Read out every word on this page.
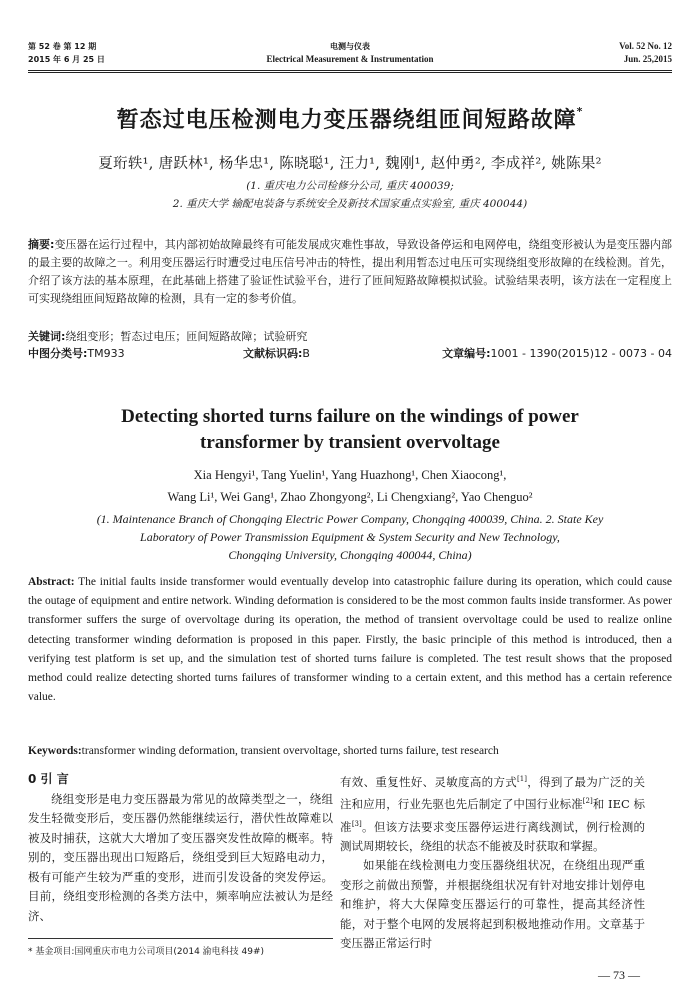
第 52 卷 第 12 期
2015 年 6 月 25 日
电测与仪表
Electrical Measurement & Instrumentation
Vol. 52 No. 12
Jun. 25,2015
暂态过电压检测电力变压器绕组匝间短路故障*
夏珩轶¹, 唐跃林¹, 杨华忠¹, 陈晓聪¹, 汪力¹, 魏刚¹, 赵仲勇², 李成祥², 姚陈果²
(1. 重庆电力公司检修分公司, 重庆 400039;
2. 重庆大学 输配电装备与系统安全及新技术国家重点实验室, 重庆 400044)
摘要:变压器在运行过程中，其内部初始故障最终有可能发展成灾难性事故，导致设备停运和电网停电，绕组变形被认为是变压器内部的最主要的故障之一。利用变压器运行时遭受过电压信号冲击的特性，提出利用暂态过电压可实现绕组变形故障的在线检测。首先，介绍了该方法的基本原理，在此基础上搭建了验证性试验平台，进行了匝间短路故障模拟试验。试验结果表明，该方法在一定程度上可实现绕组匝间短路故障的检测，具有一定的参考价值。
关键词:绕组变形；暂态过电压；匝间短路故障；试验研究
中图分类号:TM933	文献标识码:B	文章编号:1001 - 1390(2015)12 - 0073 - 04
Detecting shorted turns failure on the windings of power
transformer by transient overvoltage
Xia Hengyi¹, Tang Yuelin¹, Yang Huazhong¹, Chen Xiaocong¹,
Wang Li¹, Wei Gang¹, Zhao Zhongyong², Li Chengxiang², Yao Chenguo²
(1. Maintenance Branch of Chongqing Electric Power Company, Chongqing 400039, China. 2. State Key
Laboratory of Power Transmission Equipment & System Security and New Technology,
Chongqing University, Chongqing 400044, China)
Abstract: The initial faults inside transformer would eventually develop into catastrophic failure during its operation, which could cause the outage of equipment and entire network. Winding deformation is considered to be the most common faults inside transformer. As power transformer suffers the surge of overvoltage during its operation, the method of transient overvoltage could be used to realize online detecting transformer winding deformation is proposed in this paper. Firstly, the basic principle of this method is introduced, then a verifying test platform is set up, and the simulation test of shorted turns failure is completed. The test result shows that the proposed method could realize detecting shorted turns failures of transformer winding to a certain extent, and this method has a certain reference value.
Keywords:transformer winding deformation, transient overvoltage, shorted turns failure, test research
0 引 言
绕组变形是电力变压器最为常见的故障类型之一，绕组发生轻微变形后，变压器仍然能继续运行，潜伏性故障难以被及时捕获，这就大大增加了变压器突发性故障的概率。特别的，变压器出现出口短路后，绕组受到巨大短路电动力，极有可能产生较为严重的变形，进而引发设备的突发停运。目前，绕组变形检测的各类方法中，频率响应法被认为是经济、
有效、重复性好、灵敏度高的方式[1]，得到了最为广泛的关注和应用，行业先驱也先后制定了中国行业标准[2]和 IEC 标准[3]。但该方法要求变压器停运进行离线测试，例行检测的测试周期较长，绕组的状态不能被及时获取和掌握。
如果能在线检测电力变压器绕组状况，在绕组出现严重变形之前做出预警，并根据绕组状况有针对地安排计划停电和维护，将大大保障变压器运行的可靠性，提高其经济性能，对于整个电网的发展将起到积极地推动作用。文章基于变压器正常运行时
* 基金项目:国网重庆市电力公司项目(2014 渝电科技 49#)
— 73 —
